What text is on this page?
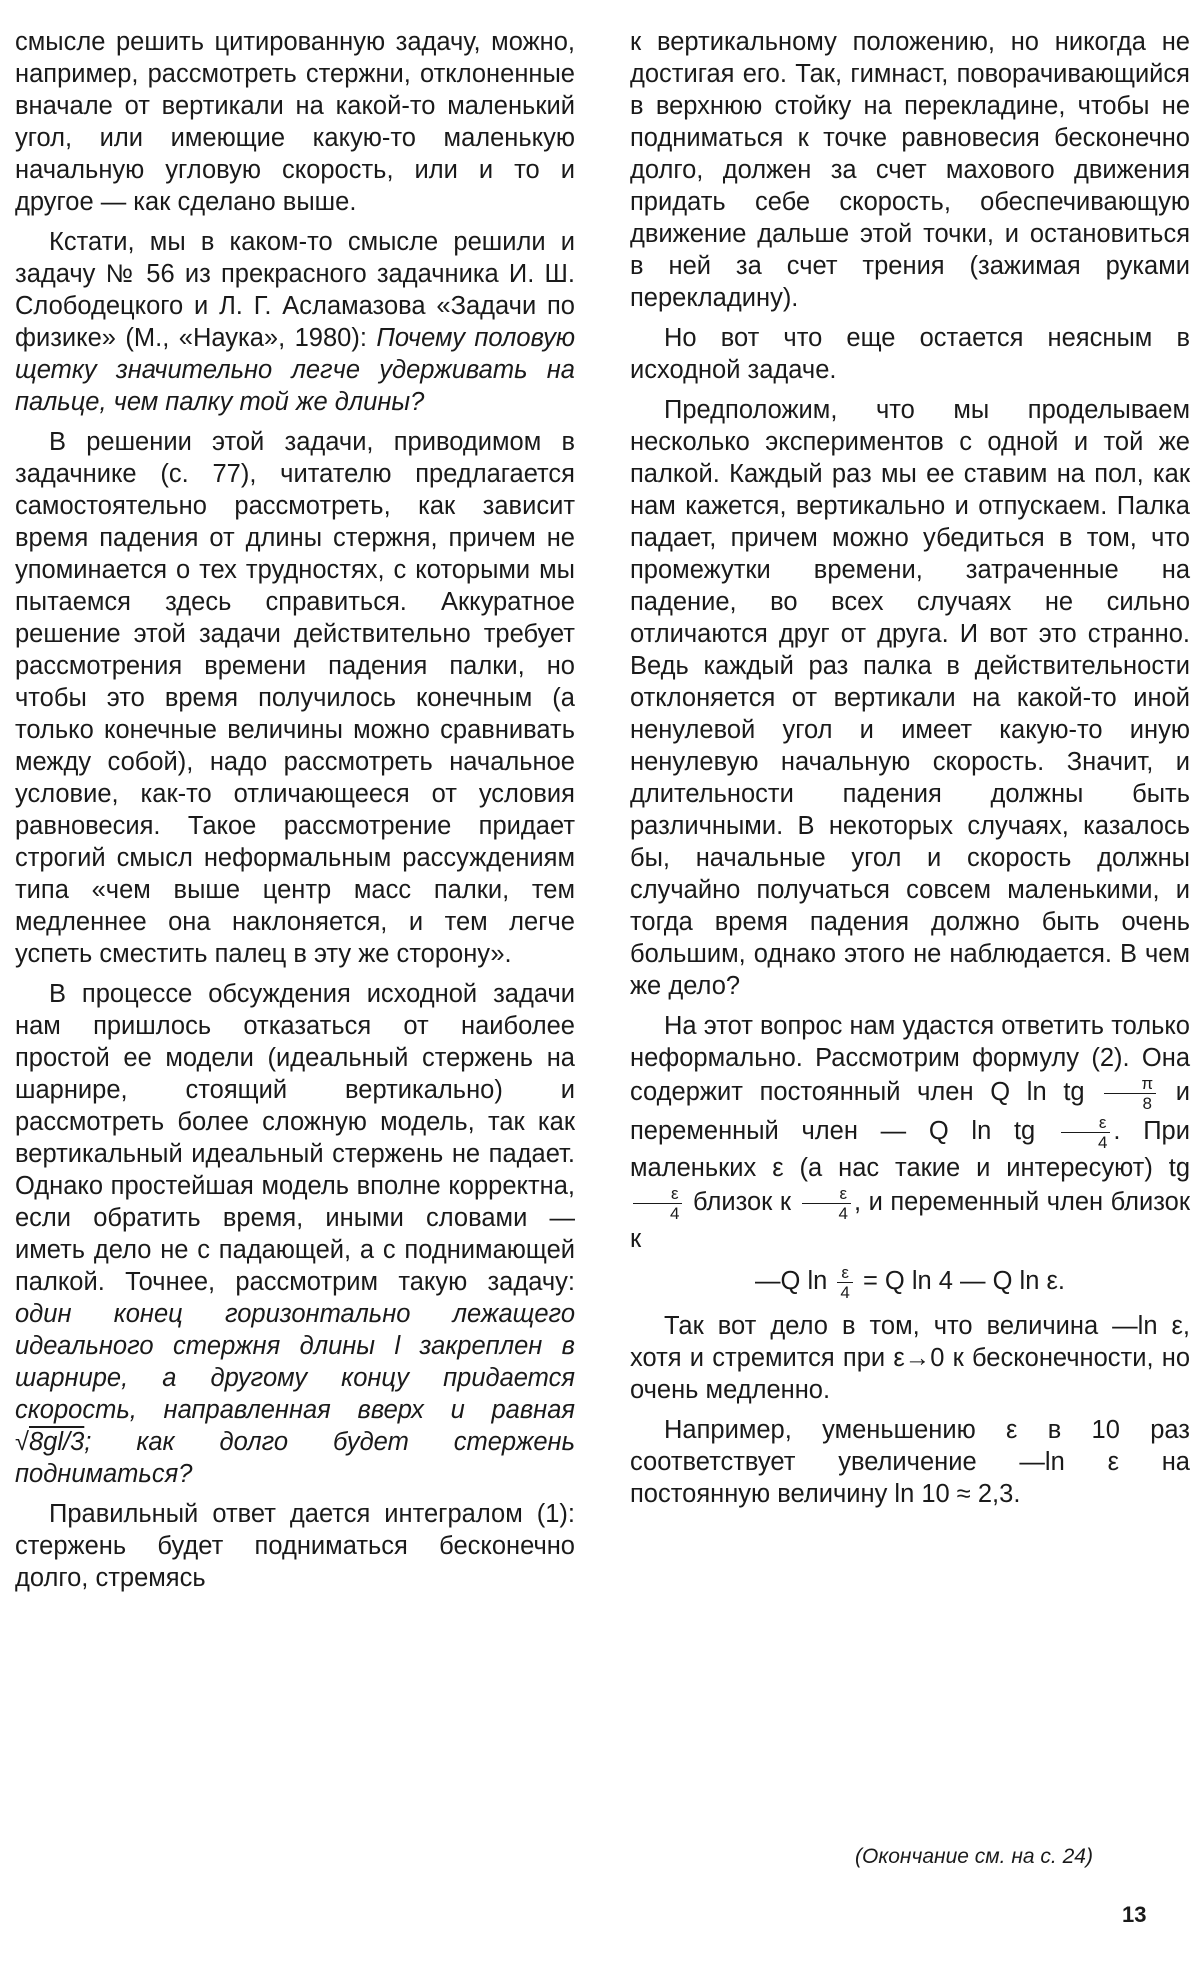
смысле решить цитированную задачу, можно, например, рассмотреть стержни, отклоненные вначале от вертикали на какой-то маленький угол, или имеющие какую-то маленькую начальную угловую скорость, или и то и другое — как сделано выше.

Кстати, мы в каком-то смысле решили и задачу № 56 из прекрасного задачника И. Ш. Слободецкого и Л. Г. Асламазова «Задачи по физике» (М., «Наука», 1980): Почему половую щетку значительно легче удерживать на пальце, чем палку той же длины?

В решении этой задачи, приводимом в задачнике (с. 77), читателю предлагается самостоятельно рассмотреть, как зависит время падения от длины стержня, причем не упоминается о тех трудностях, с которыми мы пытаемся здесь справиться. Аккуратное решение этой задачи действительно требует рассмотрения времени падения палки, но чтобы это время получилось конечным (а только конечные величины можно сравнивать между собой), надо рассмотреть начальное условие, как-то отличающееся от условия равновесия. Такое рассмотрение придает строгий смысл неформальным рассуждениям типа «чем выше центр масс палки, тем медленнее она наклоняется, и тем легче успеть сместить палец в эту же сторону».

В процессе обсуждения исходной задачи нам пришлось отказаться от наиболее простой ее модели (идеальный стержень на шарнире, стоящий вертикально) и рассмотреть более сложную модель, так как вертикальный идеальный стержень не падает. Однако простейшая модель вполне корректна, если обратить время, иными словами — иметь дело не с падающей, а с поднимающей палкой. Точнее, рассмотрим такую задачу: один конец горизонтально лежащего идеального стержня длины l закреплен в шарнире, а другому концу придается скорость, направленная вверх и равная √8gl/3; как долго будет стержень подниматься?

Правильный ответ дается интегралом (1): стержень будет подниматься бесконечно долго, стремясь

к вертикальному положению, но никогда не достигая его. Так, гимнаст, поворачивающийся в верхнюю стойку на перекладине, чтобы не подниматься к точке равновесия бесконечно долго, должен за счет махового движения придать себе скорость, обеспечивающую движение дальше этой точки, и остановиться в ней за счет трения (зажимая руками перекладину).

Но вот что еще остается неясным в исходной задаче.

Предположим, что мы проделываем несколько экспериментов с одной и той же палкой. Каждый раз мы ее ставим на пол, как нам кажется, вертикально и отпускаем. Палка падает, причем можно убедиться в том, что промежутки времени, затраченные на падение, во всех случаях не сильно отличаются друг от друга. И вот это странно. Ведь каждый раз палка в действительности отклоняется от вертикали на какой-то иной ненулевой угол и имеет какую-то иную ненулевую начальную скорость. Значит, и длительности падения должны быть различными. В некоторых случаях, казалось бы, начальные угол и скорость должны случайно получаться совсем маленькими, и тогда время падения должно быть очень большим, однако этого не наблюдается. В чем же дело?

На этот вопрос нам удастся ответить только неформально. Рассмотрим формулу (2). Она содержит постоянный член Q ln tg $\frac{\pi}{8}$ и переменный член — Q ln tg $\frac{\varepsilon}{4}$ . При маленьких ε (а нас такие и интересуют) tg
$\frac{\varepsilon}{4}$ близок к $\frac{\varepsilon}{4}$ , и переменный член близок к

—Q $\ln \frac{\varepsilon}{4} = Q$ ln 4 — Q ln ε.

Так вот дело в том, что величина —ln ε, хотя и стремится при ε→0 к бесконечности, но очень медленно.

Например, уменьшению ε в 10 раз соответствует увеличение —ln ε на постоянную величину ln 10 ≈ 2,3.

(Окончание см. на с. 24)
13
